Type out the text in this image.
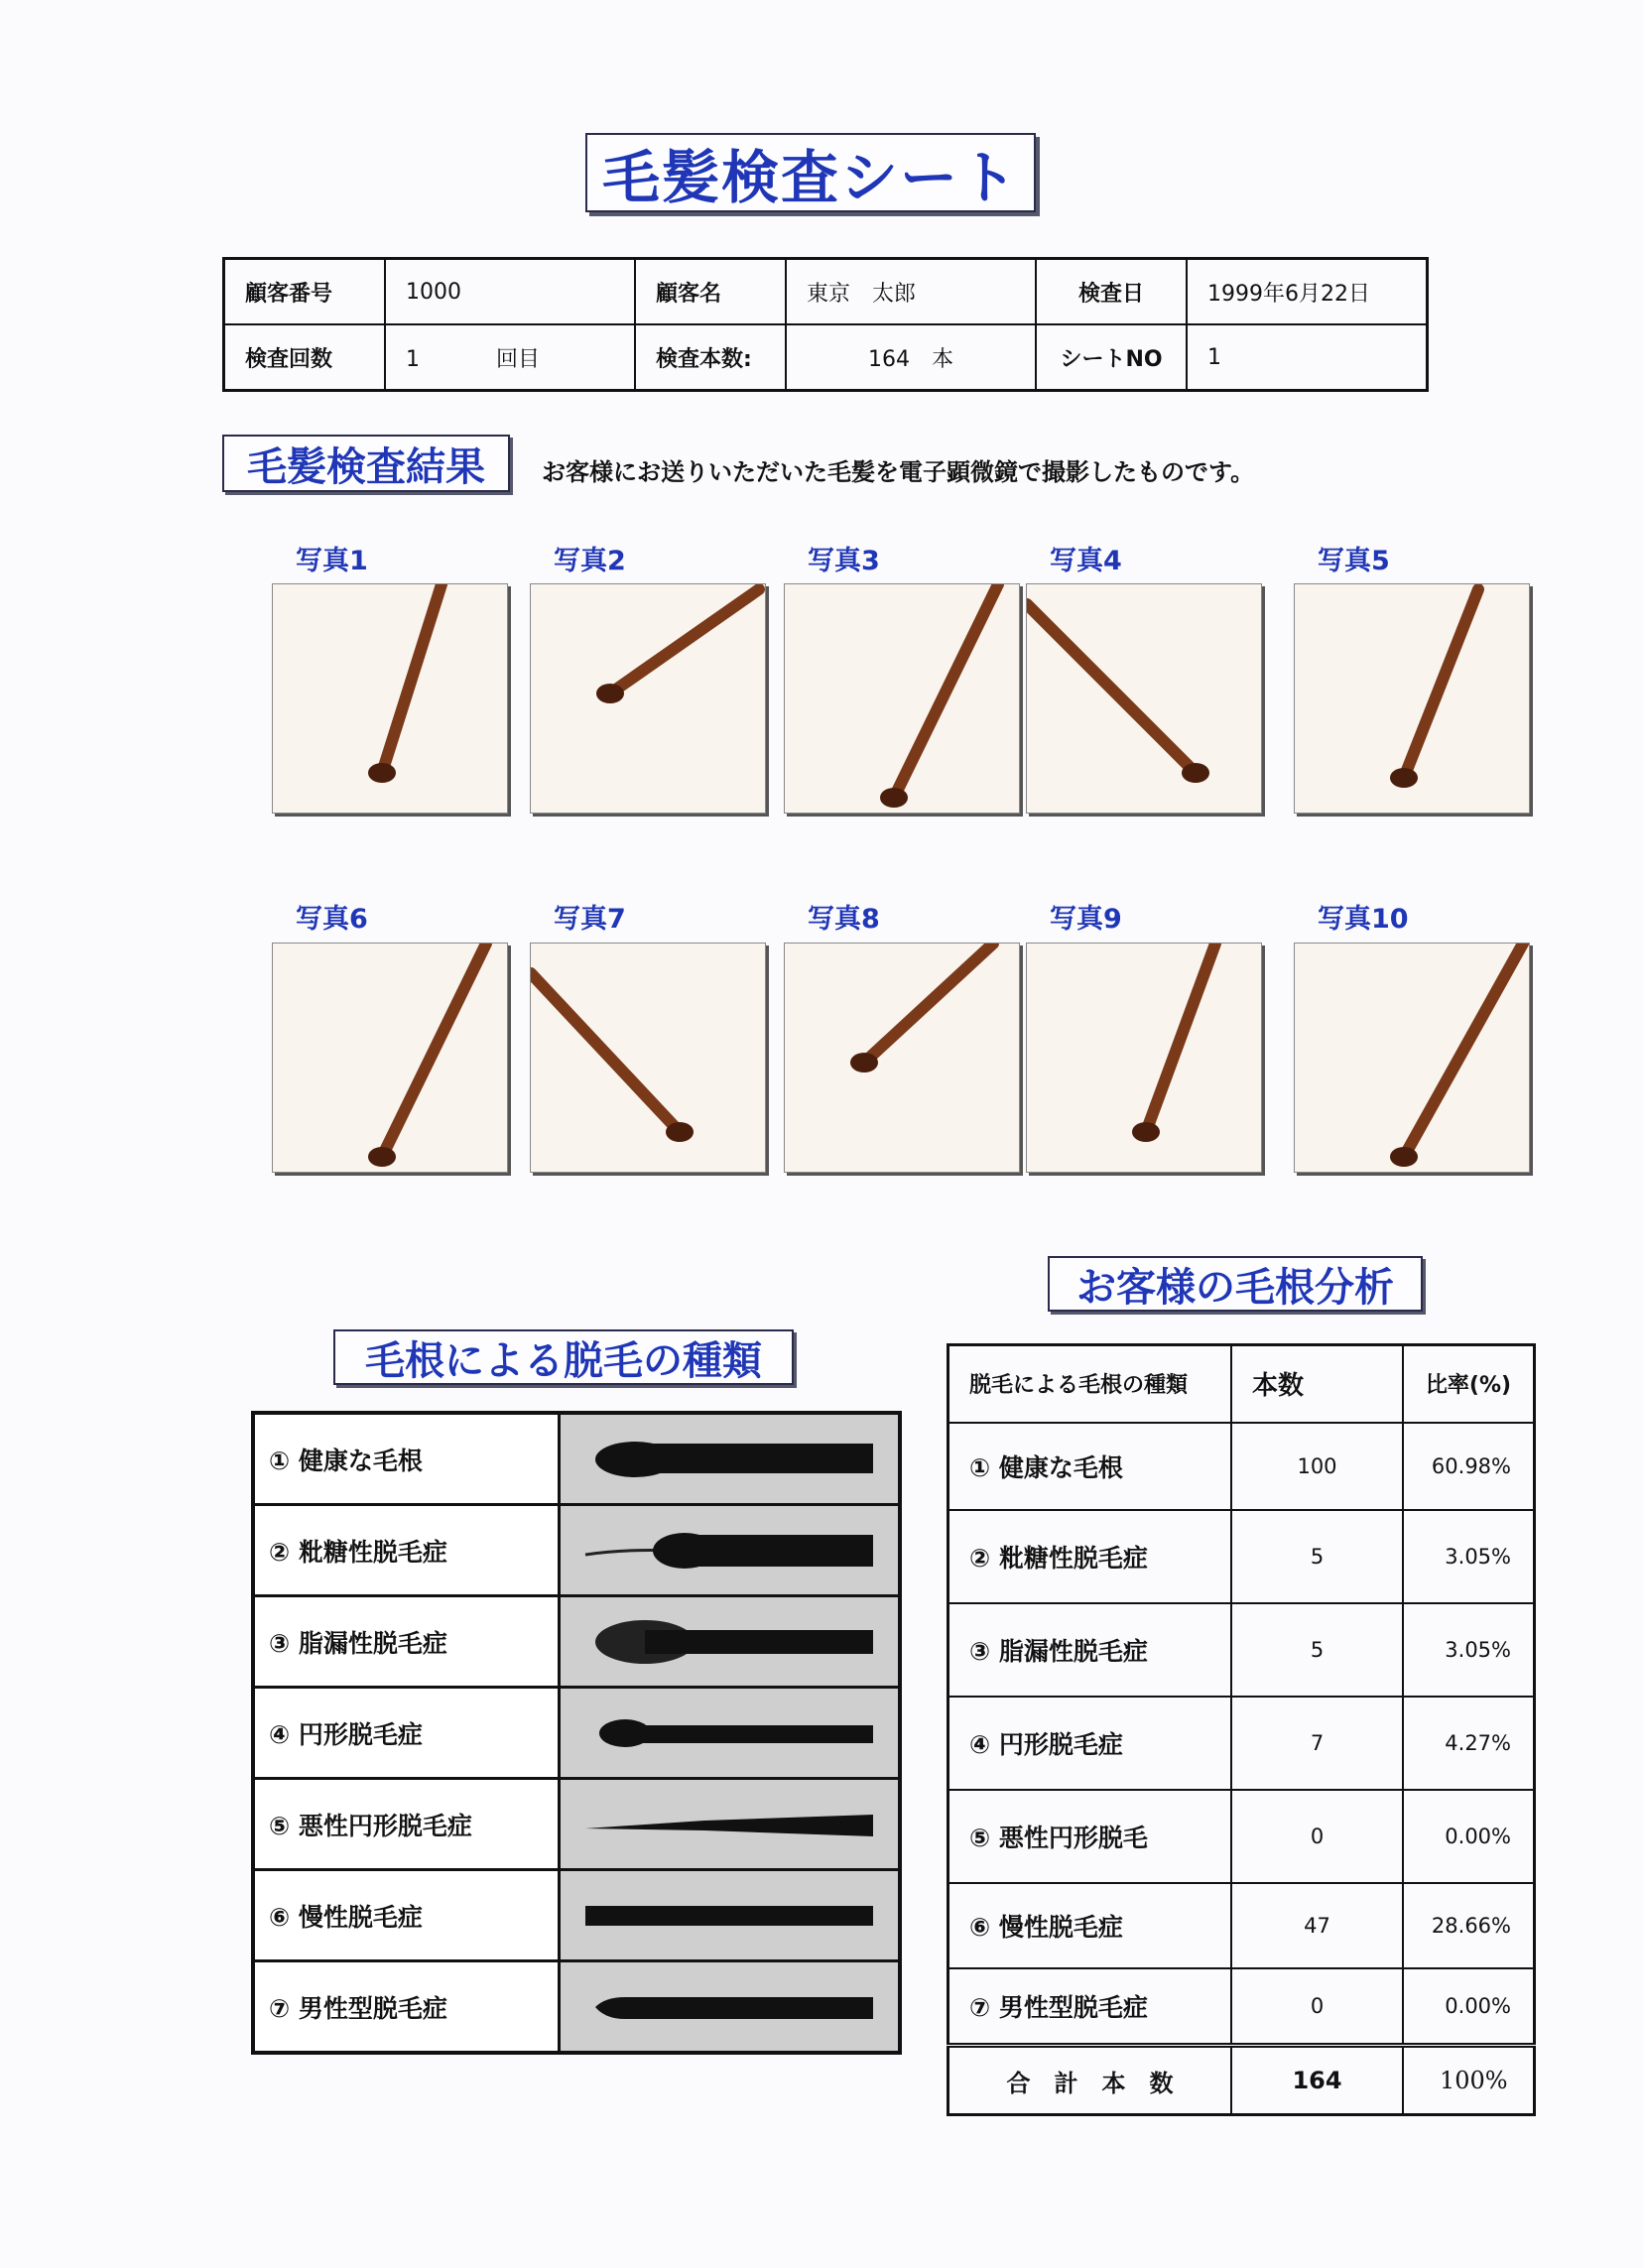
毛髪検査シート
顧客番号	1000	顧客名	東京　太郎	検査日	1999年6月22日
検査回数	1 回目	検査本数:	164　本	シートNO	1
毛髪検査結果	お客様にお送りいただいた毛髪を電子顕微鏡で撮影したものです。
写真1	写真2	写真3	写真4	写真5
写真6	写真7	写真8	写真9	写真10
毛根による脱毛の種類
① 健康な毛根	

② 粃糖性脱毛症	

③ 脂漏性脱毛症	

④ 円形脱毛症	

⑤ 悪性円形脱毛症	

⑥ 慢性脱毛症	

⑦ 男性型脱毛症	
お客様の毛根分析
脱毛による毛根の種類	本数	比率(%)
① 健康な毛根	100	60.98%
② 粃糖性脱毛症	5	3.05%
③ 脂漏性脱毛症	5	3.05%
④ 円形脱毛症	7	4.27%
⑤ 悪性円形脱毛	0	0.00%
⑥ 慢性脱毛症	47	28.66%
⑦ 男性型脱毛症	0	0.00%
合　計　本　数	164	100%
